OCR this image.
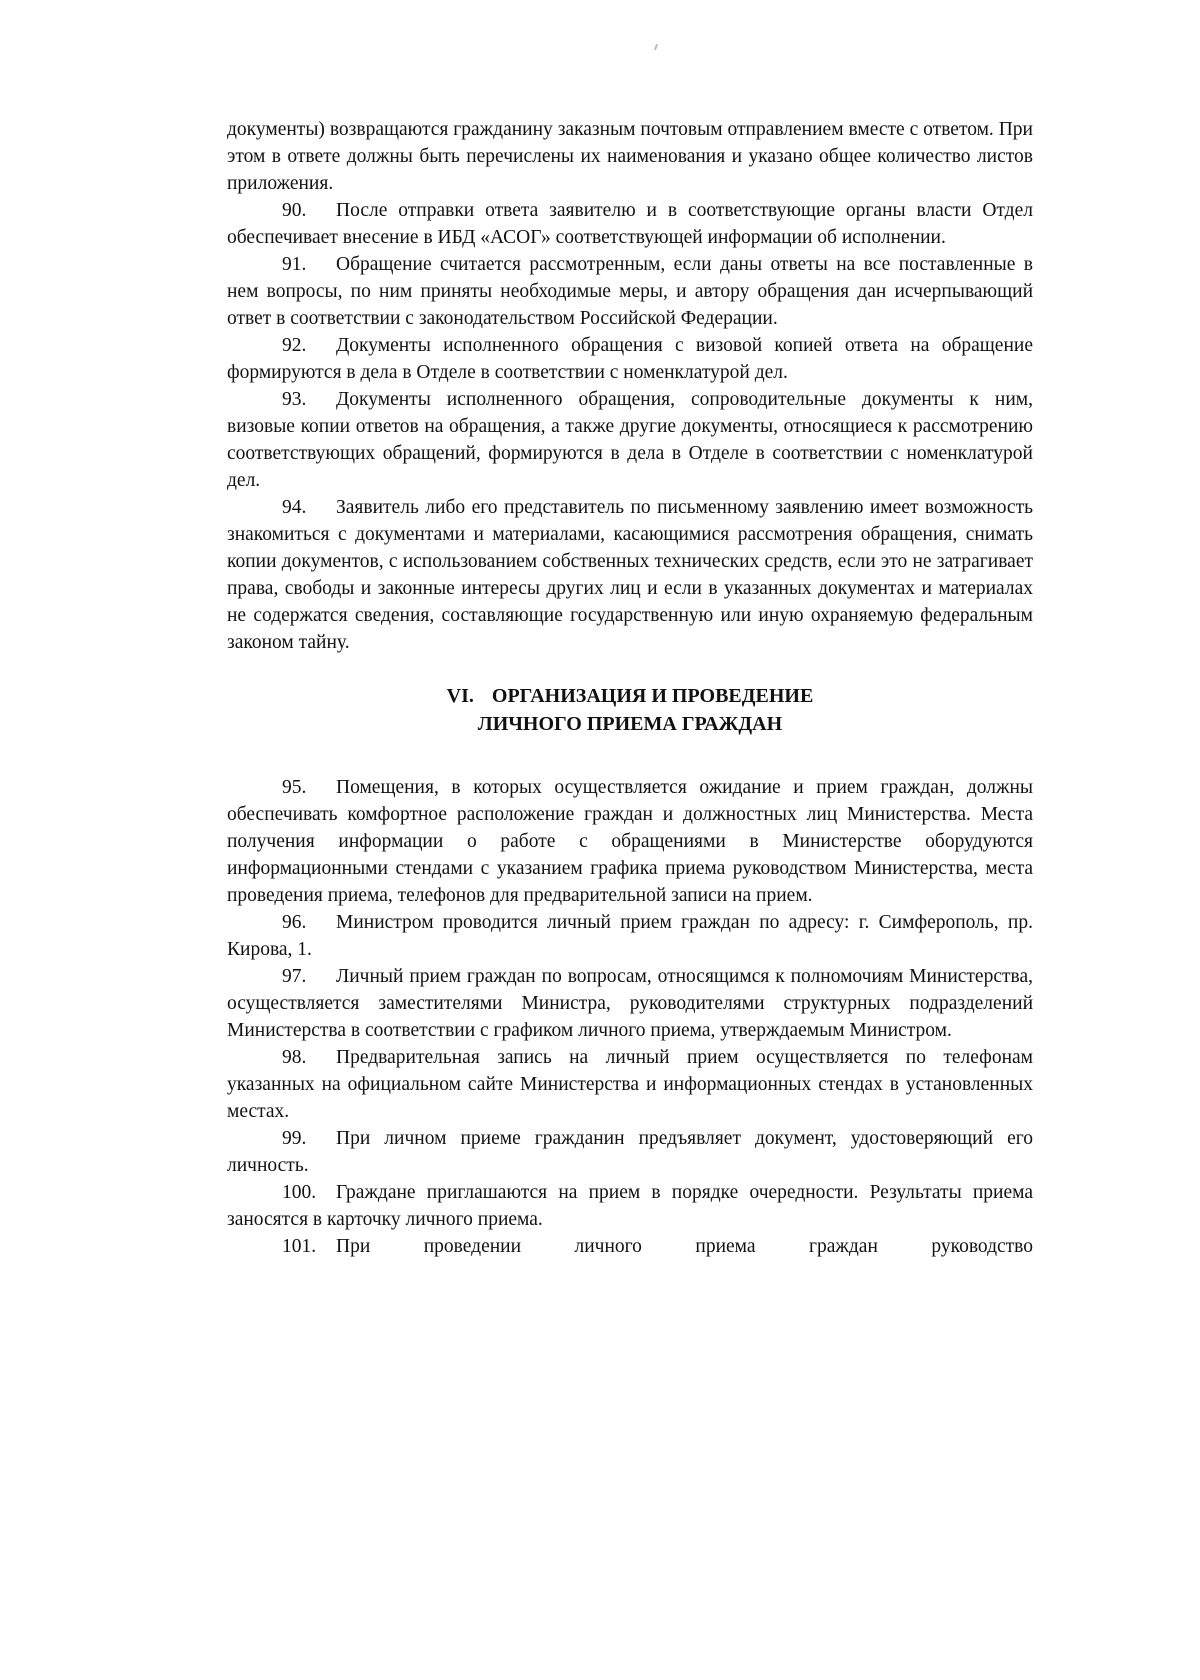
документы) возвращаются гражданину заказным почтовым отправлением вместе с ответом. При этом в ответе должны быть перечислены их наименования и указано общее количество листов приложения.

90. После отправки ответа заявителю и в соответствующие органы власти Отдел обеспечивает внесение в ИБД «АСОГ» соответствующей информации об исполнении.

91. Обращение считается рассмотренным, если даны ответы на все поставленные в нем вопросы, по ним приняты необходимые меры, и автору обращения дан исчерпывающий ответ в соответствии с законодательством Российской Федерации.

92. Документы исполненного обращения с визовой копией ответа на обращение формируются в дела в Отделе в соответствии с номенклатурой дел.

93. Документы исполненного обращения, сопроводительные документы к ним, визовые копии ответов на обращения, а также другие документы, относящиеся к рассмотрению соответствующих обращений, формируются в дела в Отделе в соответствии с номенклатурой дел.

94. Заявитель либо его представитель по письменному заявлению имеет возможность знакомиться с документами и материалами, касающимися рассмотрения обращения, снимать копии документов, с использованием собственных технических средств, если это не затрагивает права, свободы и законные интересы других лиц и если в указанных документах и материалах не содержатся сведения, составляющие государственную или иную охраняемую федеральным законом тайну.

VI. ОРГАНИЗАЦИЯ И ПРОВЕДЕНИЕ
ЛИЧНОГО ПРИЕМА ГРАЖДАН

95. Помещения, в которых осуществляется ожидание и прием граждан, должны обеспечивать комфортное расположение граждан и должностных лиц Министерства. Места получения информации о работе с обращениями в Министерстве оборудуются информационными стендами с указанием графика приема руководством Министерства, места проведения приема, телефонов для предварительной записи на прием.

96. Министром проводится личный прием граждан по адресу: г. Симферополь, пр. Кирова, 1.

97. Личный прием граждан по вопросам, относящимся к полномочиям Министерства, осуществляется заместителями Министра, руководителями структурных подразделений Министерства в соответствии с графиком личного приема, утверждаемым Министром.

98. Предварительная запись на личный прием осуществляется по телефонам указанных на официальном сайте Министерства и информационных стендах в установленных местах.

99. При личном приеме гражданин предъявляет документ, удостоверяющий его личность.

100. Граждане приглашаются на прием в порядке очередности. Результаты приема заносятся в карточку личного приема.

101. При проведении личного приема граждан руководство
